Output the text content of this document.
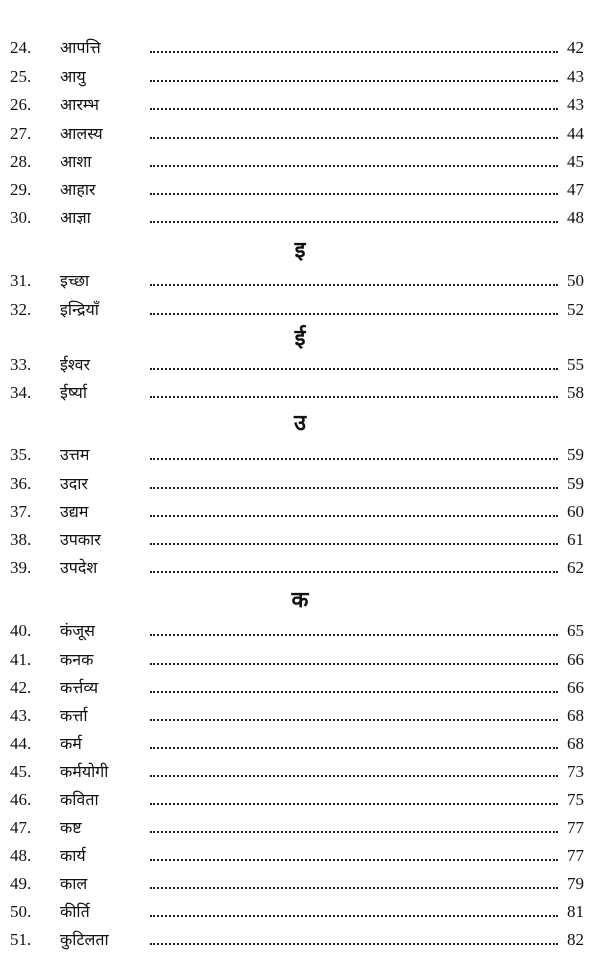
24. आपत्ति	42
25. आयु	43
26. आरम्भ	43
27. आलस्य	44
28. आशा	45
29. आहार	47
30. आज्ञा	48
इ
31. इच्छा	50
32. इन्द्रियाँ	52
ई
33. ईश्वर	55
34. ईर्ष्या	58
उ
35. उत्तम	59
36. उदार	59
37. उद्यम	60
38. उपकार	61
39. उपदेश	62
क
40. कंजूस	65
41. कनक	66
42. कर्त्तव्य	66
43. कर्त्ता	68
44. कर्म	68
45. कर्मयोगी	73
46. कविता	75
47. कष्ट	77
48. कार्य	77
49. काल	79
50. कीर्ति	81
51. कुटिलता	82
